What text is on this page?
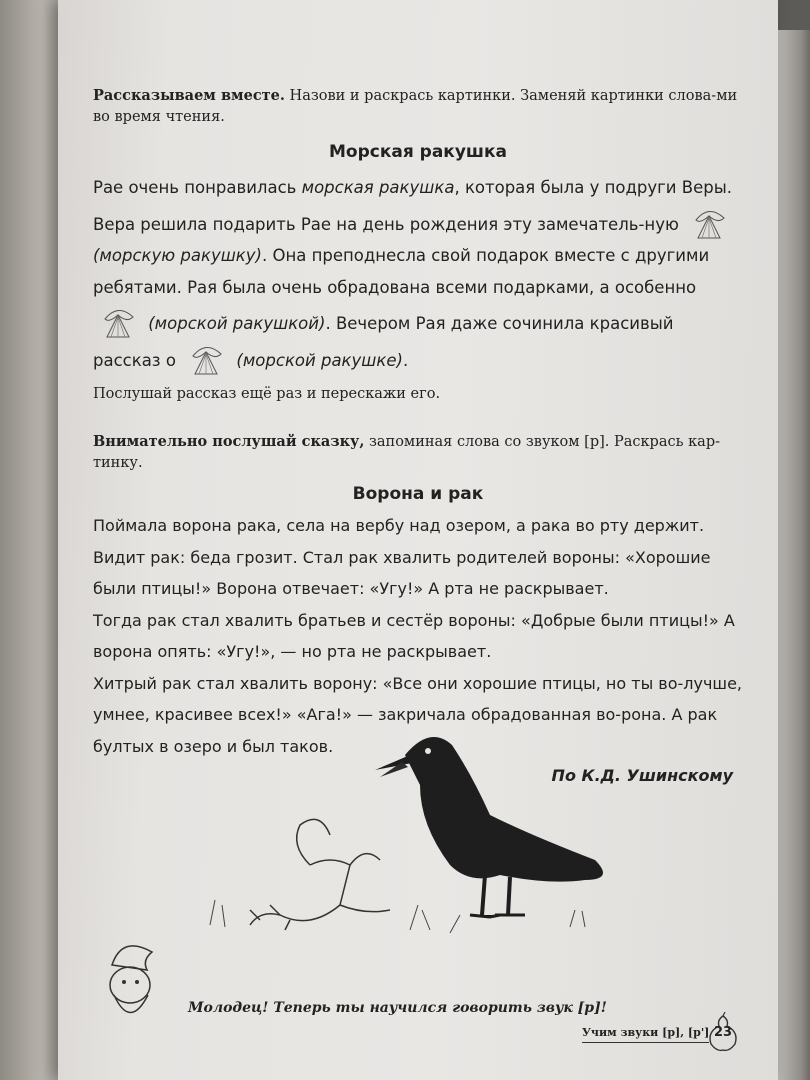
Рассказываем вместе. Назови и раскрась картинки. Заменяй картинки слова-ми во время чтения.

Морская ракушка

Рае очень понравилась морская ракушка, которая была у подруги Веры. Вера решила подарить Рае на день рождения эту замечатель-ную  (морскую ракушку). Она преподнесла свой подарок вместе с другими ребятами. Рая была очень обрадована всеми подарками, а особенно  (морской ракушкой). Вечером Рая даже сочинила красивый рассказ о	(морской ракушке).

Послушай рассказ ещё раз и перескажи его.

Внимательно послушай сказку, запоминая слова со звуком [р]. Раскрась кар-тинку.

Ворона и рак

Поймала ворона рака, села на вербу над озером, а рака во рту держит. Видит рак: беда грозит. Стал рак хвалить родителей вороны: «Хорошие были птицы!» Ворона отвечает: «Угу!» А рта не раскрывает.

Тогда рак стал хвалить братьев и сестёр вороны: «Добрые были птицы!» А ворона опять: «Угу!», — но рта не раскрывает.

Хитрый рак стал хвалить ворону: «Все они хорошие птицы, но ты во-лучше, умнее, красивее всех!» «Ага!» — закричала обрадованная во-рона. А рак бултых в озеро и был таков.

По К.Д. Ушинскому
Молодец! Теперь ты научился говорить звук [р]!
Учим звуки [р], [р'] 23
